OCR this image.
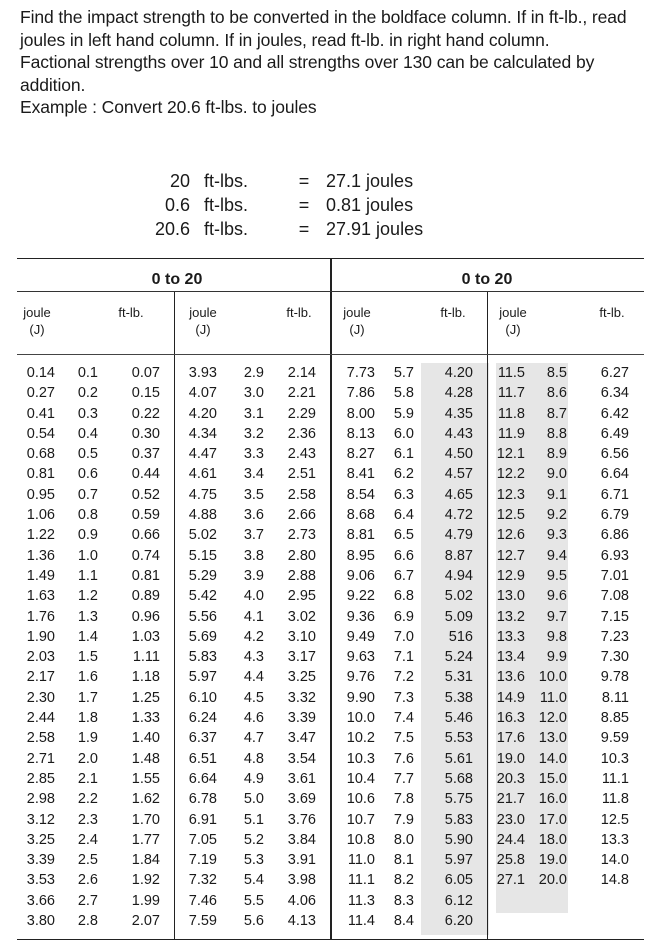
Find the impact strength to be converted in the boldface column. If in ft-lb., read joules in left hand column. If in joules, read ft-lb. in right hand column.

Factional strengths over 10 and all strengths over 130 can be calculated by addition.

Example : Convert 20.6 ft-lbs. to joules

20 ft-lbs.	= 27.1 joules
0.6 ft-lbs.	= 0.81 joules
20.6 ft-lbs.	= 27.91 joules
0 to 20	0 to 20
joule
(J)
ft-lb.	joule
(J)
ft-lb.	joule
(J)
ft-lb.	joule
(J)
ft-lb.
0.14	0.1	0.07	3.93	2.9	2.14	7.73	5.7	4.20	11.5	8.5	6.27
0.27	0.2	0.15	4.07	3.0	2.21	7.86	5.8	4.28	11.7	8.6	6.34
0.41	0.3	0.22	4.20	3.1	2.29	8.00	5.9	4.35	11.8	8.7	6.42
0.54	0.4	0.30	4.34	3.2	2.36	8.13	6.0	4.43	11.9	8.8	6.49
0.68	0.5	0.37	4.47	3.3	2.43	8.27	6.1	4.50	12.1	8.9	6.56
0.81	0.6	0.44	4.61	3.4	2.51	8.41	6.2	4.57	12.2	9.0	6.64
0.95	0.7	0.52	4.75	3.5	2.58	8.54	6.3	4.65	12.3	9.1	6.71
1.06	0.8	0.59	4.88	3.6	2.66	8.68	6.4	4.72	12.5	9.2	6.79
1.22	0.9	0.66	5.02	3.7	2.73	8.81	6.5	4.79	12.6	9.3	6.86
1.36	1.0	0.74	5.15	3.8	2.80	8.95	6.6	8.87	12.7	9.4	6.93
1.49	1.1	0.81	5.29	3.9	2.88	9.06	6.7	4.94	12.9	9.5	7.01
1.63	1.2	0.89	5.42	4.0	2.95	9.22	6.8	5.02	13.0	9.6	7.08
1.76	1.3	0.96	5.56	4.1	3.02	9.36	6.9	5.09	13.2	9.7	7.15
1.90	1.4	1.03	5.69	4.2	3.10	9.49	7.0	516	13.3	9.8	7.23
2.03	1.5	1.11	5.83	4.3	3.17	9.63	7.1	5.24	13.4	9.9	7.30
2.17	1.6	1.18	5.97	4.4	3.25	9.76	7.2	5.31	13.6 10.0	9.78
2.30	1.7	1.25	6.10	4.5	3.32	9.90	7.3	5.38	14.9	11.0	8.11
2.44	1.8	1.33	6.24	4.6	3.39	10.0	7.4	5.46	16.3 12.0	8.85
2.58	1.9	1.40	6.37	4.7	3.47	10.2	7.5	5.53	17.6 13.0	9.59
2.71	2.0	1.48	6.51	4.8	3.54	10.3	7.6	5.61	19.0 14.0	10.3
2.85	2.1	1.55	6.64	4.9	3.61	10.4	7.7	5.68	20.3 15.0	11.1
2.98	2.2	1.62	6.78	5.0	3.69	10.6	7.8	5.75	21.7 16.0	11.8
3.12	2.3	1.70	6.91	5.1	3.76	10.7	7.9	5.83	23.0 17.0	12.5
3.25	2.4	1.77	7.05	5.2	3.84	10.8	8.0	5.90	24.4 18.0	13.3
3.39	2.5	1.84	7.19	5.3	3.91	11.0	8.1	5.97	25.8 19.0	14.0
3.53	2.6	1.92	7.32	5.4	3.98	11.1	8.2	6.05	27.1 20.0	14.8
3.66	2.7	1.99	7.46	5.5	4.06	11.3	8.3	6.12
3.80	2.8	2.07	7.59	5.6	4.13	11.4	8.4	6.20
